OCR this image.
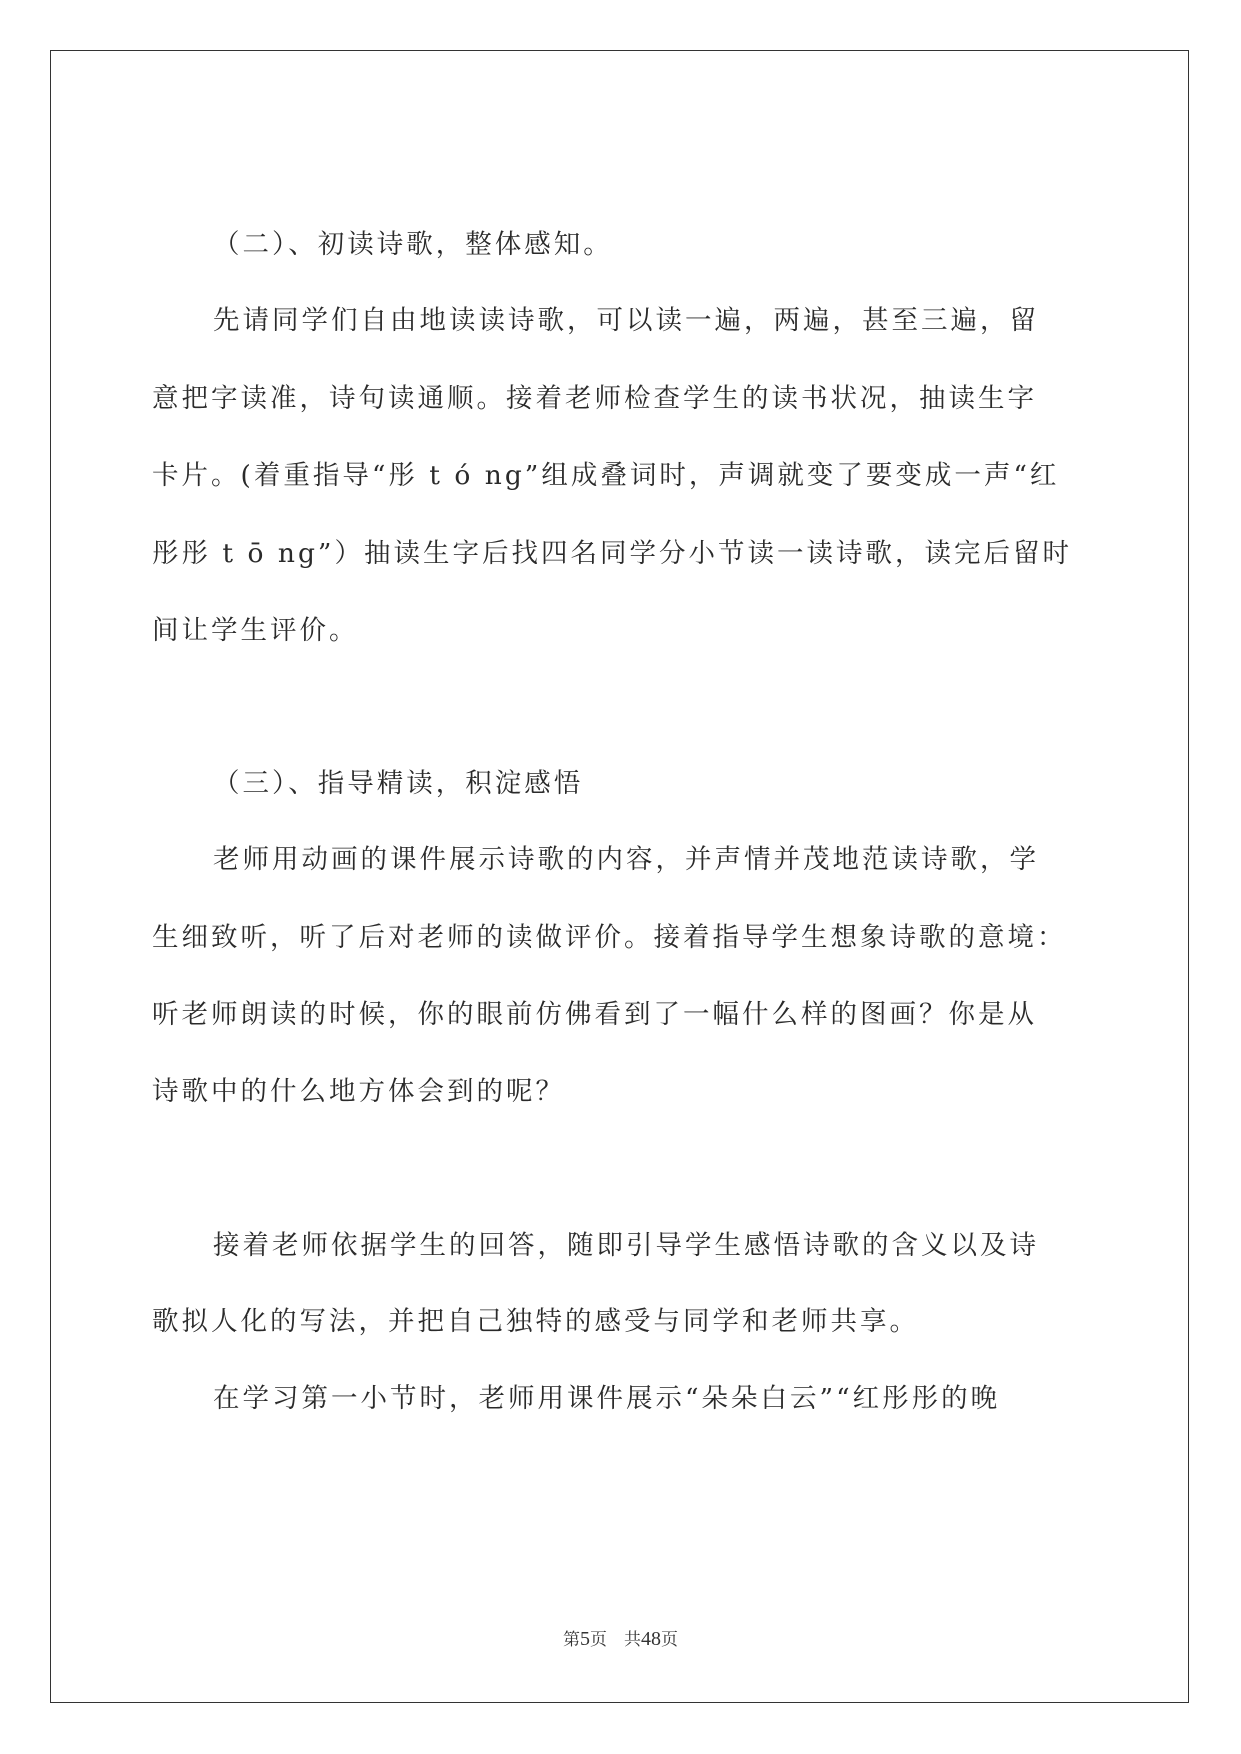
（二）、初读诗歌，整体感知。
先请同学们自由地读读诗歌，可以读一遍，两遍，甚至三遍，留
意把字读准，诗句读通顺。接着老师检查学生的读书状况，抽读生字
卡片。(着重指导“彤 t ó ng”组成叠词时，声调就变了要变成一声“红
彤彤 t ō ng”）抽读生字后找四名同学分小节读一读诗歌，读完后留时
间让学生评价。
（三）、指导精读，积淀感悟
老师用动画的课件展示诗歌的内容，并声情并茂地范读诗歌，学
生细致听，听了后对老师的读做评价。接着指导学生想象诗歌的意境：
听老师朗读的时候，你的眼前仿佛看到了一幅什么样的图画？你是从
诗歌中的什么地方体会到的呢？
接着老师依据学生的回答，随即引导学生感悟诗歌的含义以及诗
歌拟人化的写法，并把自己独特的感受与同学和老师共享。
在学习第一小节时，老师用课件展示“朵朵白云”“红彤彤的晚
第5页　共48页
